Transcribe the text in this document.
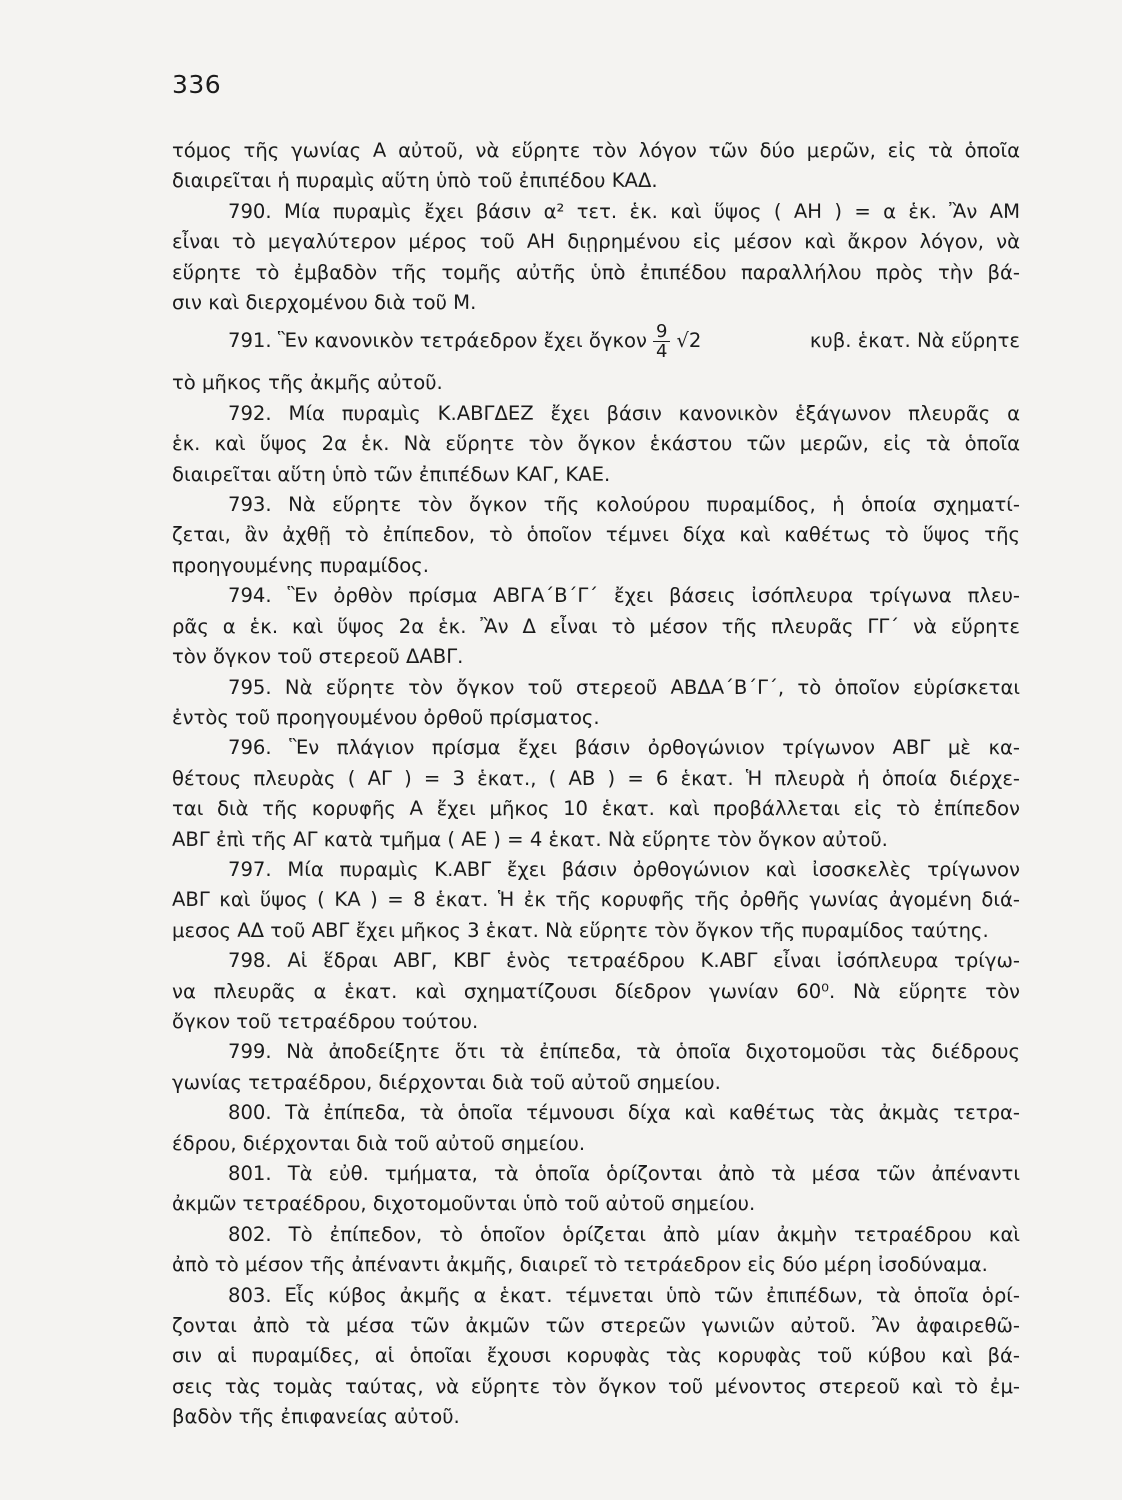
336
τόμος τῆς γωνίας Α αὐτοῦ, νὰ εὕρητε τὸν λόγον τῶν δύο μερῶν, εἰς τὰ ὁποῖα
διαιρεῖται ἡ πυραμὶς αὕτη ὑπὸ τοῦ ἐπιπέδου ΚΑΔ.
790. Μία πυραμὶς ἔχει βάσιν α² τετ. ἑκ. καὶ ὕψος ( ΑΗ ) = α ἑκ. Ἂν ΑΜ
εἶναι τὸ μεγαλύτερον μέρος τοῦ ΑΗ διῃρημένου εἰς μέσον καὶ ἄκρον λόγον, νὰ
εὕρητε τὸ ἐμβαδὸν τῆς τομῆς αὐτῆς ὑπὸ ἐπιπέδου παραλλήλου πρὸς τὴν βά-
σιν καὶ διερχομένου διὰ τοῦ Μ.
791. Ἓν κανονικὸν τετράεδρον ἔχει ὄγκον $\frac{9}{4} √2$	κυβ. ἑκατ. Νὰ εὕρητε
τὸ μῆκος τῆς ἀκμῆς αὐτοῦ.
792. Μία πυραμὶς Κ.ΑΒΓΔΕΖ ἔχει βάσιν κανονικὸν ἑξάγωνον πλευρᾶς α
ἑκ. καὶ ὕψος 2α ἑκ. Νὰ εὕρητε τὸν ὄγκον ἑκάστου τῶν μερῶν, εἰς τὰ ὁποῖα
διαιρεῖται αὕτη ὑπὸ τῶν ἐπιπέδων ΚΑΓ, ΚΑΕ.
793. Νὰ εὕρητε τὸν ὄγκον τῆς κολούρου πυραμίδος, ἡ ὁποία σχηματί-
ζεται, ἂν ἀχθῇ τὸ ἐπίπεδον, τὸ ὁποῖον τέμνει δίχα καὶ καθέτως τὸ ὕψος τῆς
προηγουμένης πυραμίδος.
794. Ἓν ὀρθὸν πρίσμα ΑΒΓΑ΄Β΄Γ΄ ἔχει βάσεις ἰσόπλευρα τρίγωνα πλευ-
ρᾶς α ἑκ. καὶ ὕψος 2α ἑκ. Ἂν Δ εἶναι τὸ μέσον τῆς πλευρᾶς ΓΓ΄ νὰ εὕρητε
τὸν ὄγκον τοῦ στερεοῦ ΔΑΒΓ.
795. Νὰ εὕρητε τὸν ὄγκον τοῦ στερεοῦ ΑΒΔΑ΄Β΄Γ΄, τὸ ὁποῖον εὑρίσκεται
ἐντὸς τοῦ προηγουμένου ὀρθοῦ πρίσματος.
796. Ἓν πλάγιον πρίσμα ἔχει βάσιν ὀρθογώνιον τρίγωνον ΑΒΓ μὲ κα-
θέτους πλευρὰς ( ΑΓ ) = 3 ἑκατ., ( ΑΒ ) = 6 ἑκατ. Ἡ πλευρὰ ἡ ὁποία διέρχε-
ται διὰ τῆς κορυφῆς Α ἔχει μῆκος 10 ἑκατ. καὶ προβάλλεται εἰς τὸ ἐπίπεδον
ΑΒΓ ἐπὶ τῆς ΑΓ κατὰ τμῆμα ( ΑΕ ) = 4 ἑκατ. Νὰ εὕρητε τὸν ὄγκον αὐτοῦ.
797. Μία πυραμὶς Κ.ΑΒΓ ἔχει βάσιν ὀρθογώνιον καὶ ἰσοσκελὲς τρίγωνον
ΑΒΓ καὶ ὕψος ( ΚΑ ) = 8 ἑκατ. Ἡ ἐκ τῆς κορυφῆς τῆς ὀρθῆς γωνίας ἀγομένη διά-
μεσος ΑΔ τοῦ ΑΒΓ ἔχει μῆκος 3 ἑκατ. Νὰ εὕρητε τὸν ὄγκον τῆς πυραμίδος ταύτης.
798. Αἱ ἕδραι ΑΒΓ, ΚΒΓ ἑνὸς τετραέδρου Κ.ΑΒΓ εἶναι ἰσόπλευρα τρίγω-
να πλευρᾶς α ἑκατ. καὶ σχηματίζουσι δίεδρον γωνίαν 60⁰. Νὰ εὕρητε τὸν
ὄγκον τοῦ τετραέδρου τούτου.
799. Νὰ ἀποδείξητε ὅτι τὰ ἐπίπεδα, τὰ ὁποῖα διχοτομοῦσι τὰς διέδρους
γωνίας τετραέδρου, διέρχονται διὰ τοῦ αὐτοῦ σημείου.
800. Τὰ ἐπίπεδα, τὰ ὁποῖα τέμνουσι δίχα καὶ καθέτως τὰς ἀκμὰς τετρα-
έδρου, διέρχονται διὰ τοῦ αὐτοῦ σημείου.
801. Τὰ εὐθ. τμήματα, τὰ ὁποῖα ὁρίζονται ἀπὸ τὰ μέσα τῶν ἀπέναντι
ἀκμῶν τετραέδρου, διχοτομοῦνται ὑπὸ τοῦ αὐτοῦ σημείου.
802. Τὸ ἐπίπεδον, τὸ ὁποῖον ὁρίζεται ἀπὸ μίαν ἀκμὴν τετραέδρου καὶ
ἀπὸ τὸ μέσον τῆς ἀπέναντι ἀκμῆς, διαιρεῖ τὸ τετράεδρον εἰς δύο μέρη ἰσοδύναμα.
803. Εἷς κύβος ἀκμῆς α ἑκατ. τέμνεται ὑπὸ τῶν ἐπιπέδων, τὰ ὁποῖα ὁρί-
ζονται ἀπὸ τὰ μέσα τῶν ἀκμῶν τῶν στερεῶν γωνιῶν αὐτοῦ. Ἂν ἀφαιρεθῶ-
σιν αἱ πυραμίδες, αἱ ὁποῖαι ἔχουσι κορυφὰς τὰς κορυφὰς τοῦ κύβου καὶ βά-
σεις τὰς τομὰς ταύτας, νὰ εὕρητε τὸν ὄγκον τοῦ μένοντος στερεοῦ καὶ τὸ ἐμ-
βαδὸν τῆς ἐπιφανείας αὐτοῦ.
